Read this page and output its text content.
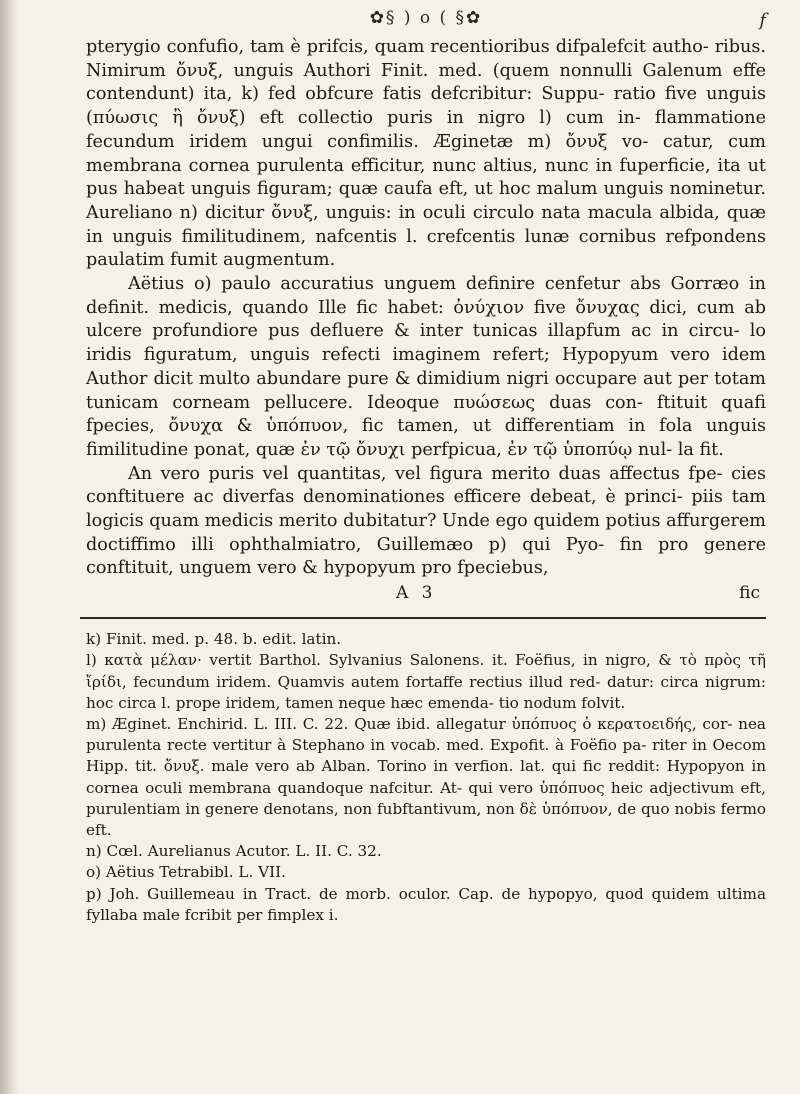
✿§ ) o ( §✿	f

pterygio confufio, tam è prifcis, quam recentioribus difpalefcit autho- ribus. Nimirum ὄνυξ, unguis Authori Finit. med. (quem nonnulli Galenum effe contendunt) ita, k) fed obfcure fatis defcribitur: Suppu- ratio five unguis (πύωσις ἢ ὄνυξ) eft collectio puris in nigro l) cum in- flammatione fecundum iridem ungui confimilis. Æginetæ m) ὄνυξ vo- catur, cum membrana cornea purulenta efficitur, nunc altius, nunc in fuperficie, ita ut pus habeat unguis figuram; quæ caufa eft, ut hoc malum unguis nominetur. Aureliano n) dicitur ὄνυξ, unguis: in oculi circulo nata macula albida, quæ in unguis fimilitudinem, nafcentis l. crefcentis lunæ cornibus refpondens paulatim fumit augmentum.

Aëtius o) paulo accuratius unguem definire cenfetur abs Gorræo in definit. medicis, quando Ille fic habet: ὀνύχιον five ὄνυχας dici, cum ab ulcere profundiore pus defluere & inter tunicas illapfum ac in circu- lo iridis figuratum, unguis refecti imaginem refert; Hypopyum vero idem Author dicit multo abundare pure & dimidium nigri occupare aut per totam tunicam corneam pellucere. Ideoque πυώσεως duas con- ftituit quafi fpecies, ὄνυχα & ὑπόπυον, fic tamen, ut differentiam in fola unguis fimilitudine ponat, quæ ἐν τῷ ὄνυχι perfpicua, ἐν τῷ ὑποπύῳ nul- la fit.

An vero puris vel quantitas, vel figura merito duas affectus fpe- cies conftituere ac diverfas denominationes efficere debeat, è princi- piis tam logicis quam medicis merito dubitatur? Unde ego quidem potius affurgerem doctiffimo illi ophthalmiatro, Guillemæo p) qui Pyo- fin pro genere conftituit, unguem vero & hypopyum pro fpeciebus,

A 3	fic

k) Finit. med. p. 48. b. edit. latin.

l) κατὰ μέλαν· vertit Barthol. Sylvanius Salonens. it. Foëfius, in nigro, & τὸ πρὸς τῆ ἴρίδι, fecundum iridem. Quamvis autem fortaffe rectius illud red- datur: circa nigrum: hoc circa l. prope iridem, tamen neque hæc emenda- tio nodum folvit.

m) Æginet. Enchirid. L. III. C. 22. Quæ ibid. allegatur ὑπόπυος ὁ κερατοειδής, cor- nea purulenta recte vertitur à Stephano in vocab. med. Expofit. à Foëfio pa- riter in Oecom Hipp. tit. ὄνυξ. male vero ab Alban. Torino in verfion. lat. qui fic reddit: Hypopyon in cornea oculi membrana quandoque nafcitur. At- qui vero ὑπόπυος heic adjectivum eft, purulentiam in genere denotans, non fubftantivum, non δὲ ὑπόπυον, de quo nobis fermo eft.

n) Cœl. Aurelianus Acutor. L. II. C. 32.

o) Aëtius Tetrabibl. L. VII.

p) Joh. Guillemeau in Tract. de morb. oculor. Cap. de hypopyo, quod quidem ultima fyllaba male fcribit per fimplex i.
